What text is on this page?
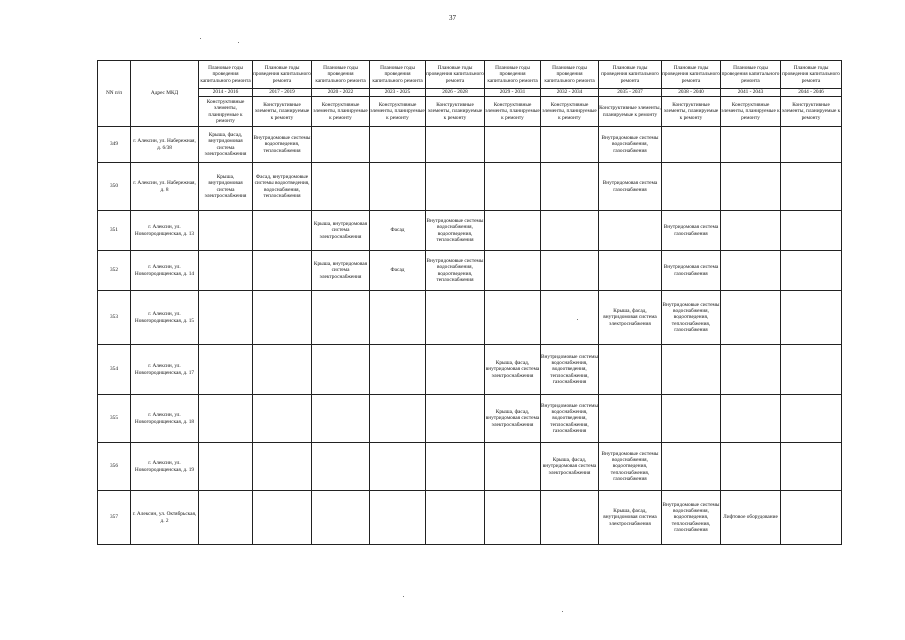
37
NN п/п	Адрес МКД	Плановые годы проведения капитального ремонта	Плановые годы проведения капитального ремонта	Плановые годы проведения капитального ремонта	Плановые годы проведения капитального ремонта	Плановые годы проведения капитального ремонта	Плановые годы проведения капитального ремонта	Плановые годы проведения капитального ремонта	Плановые годы проведения капитального ремонта	Плановые годы проведения капитального ремонта	Плановые годы проведения капитального ремонта	Плановые годы проведения капитального ремонта
		2014 - 2016	2017 - 2019	2020 - 2022	2023 - 2025	2026 - 2028	2029 - 2031	2032 - 2034	2035 - 2037	2038 - 2040	2041 - 2043	2044 - 2046
		Конструктивные элементы, планируемые к ремонту	Конструктивные элементы, планируемые к ремонту	Конструктивные элементы, планируемые к ремонту	Конструктивные элементы, планируемые к ремонту	Конструктивные элементы, планируемые к ремонту	Конструктивные элементы, планируемые к ремонту	Конструктивные элементы, планируемые к ремонту	Конструктивные элементы, планируемые к ремонту	Конструктивные элементы, планируемые к ремонту	Конструктивные элементы, планируемые к ремонту	Конструктивные элементы, планируемые к ремонту
349	г. Алексин, ул. Набережная, д. 6/38	Крыша, фасад, внутридомовая система электроснабжения	Внутридомовые системы водоотведения, теплоснабжения						Внутридомовые системы водоснабжения, газоснабжения			
350	г. Алексин, ул. Набережная, д. 8	Крыша, внутридомовая система электроснабжения	Фасад, внутридомовые системы водоотведения, водоснабжения, теплоснабжения						Внутридомовая система газоснабжения			
351	г. Алексин, ул. Новогородищенская, д. 13			Крыша, внутридомовая система электроснабжения	Фасад	Внутридомовые системы водоснабжения, водоотведения, теплоснабжения				Внутридомовая система газоснабжения		
352	г. Алексин, ул. Новогородищенская, д. 14			Крыша, внутридомовая система электроснабжения	Фасад	Внутридомовые системы водоснабжения, водоотведения, теплоснабжения				Внутридомовая система газоснабжения		
353	г. Алексин, ул. Новогородищенская, д. 15								Крыша, фасад, внутридомовая система электроснабжения	Внутридомовые системы водоснабжения, водоотведения, теплоснабжения, газоснабжения		
354	г. Алексин, ул. Новогородищенская, д. 17						Крыша, фасад, внутридомовая система электроснабжения	Внутридомовые системы водоснабжения, водоотведения, теплоснабжения, газоснабжения				
355	г. Алексин, ул. Новогородищенская, д. 18						Крыша, фасад, внутридомовая система электроснабжения	Внутридомовые системы водоснабжения, водоотведения, теплоснабжения, газоснабжения				
356	г. Алексин, ул. Новогородищенская, д. 19							Крыша, фасад, внутридомовая система электроснабжения	Внутридомовые системы водоснабжения, водоотведения, теплоснабжения, газоснабжения			
357	г. Алексин, ул. Октябрьская, д. 2								Крыша, фасад, внутридомовая система электроснабжения	Внутридомовые системы водоснабжения, водоотведения, теплоснабжения, газоснабжения	Лифтовое оборудование	
